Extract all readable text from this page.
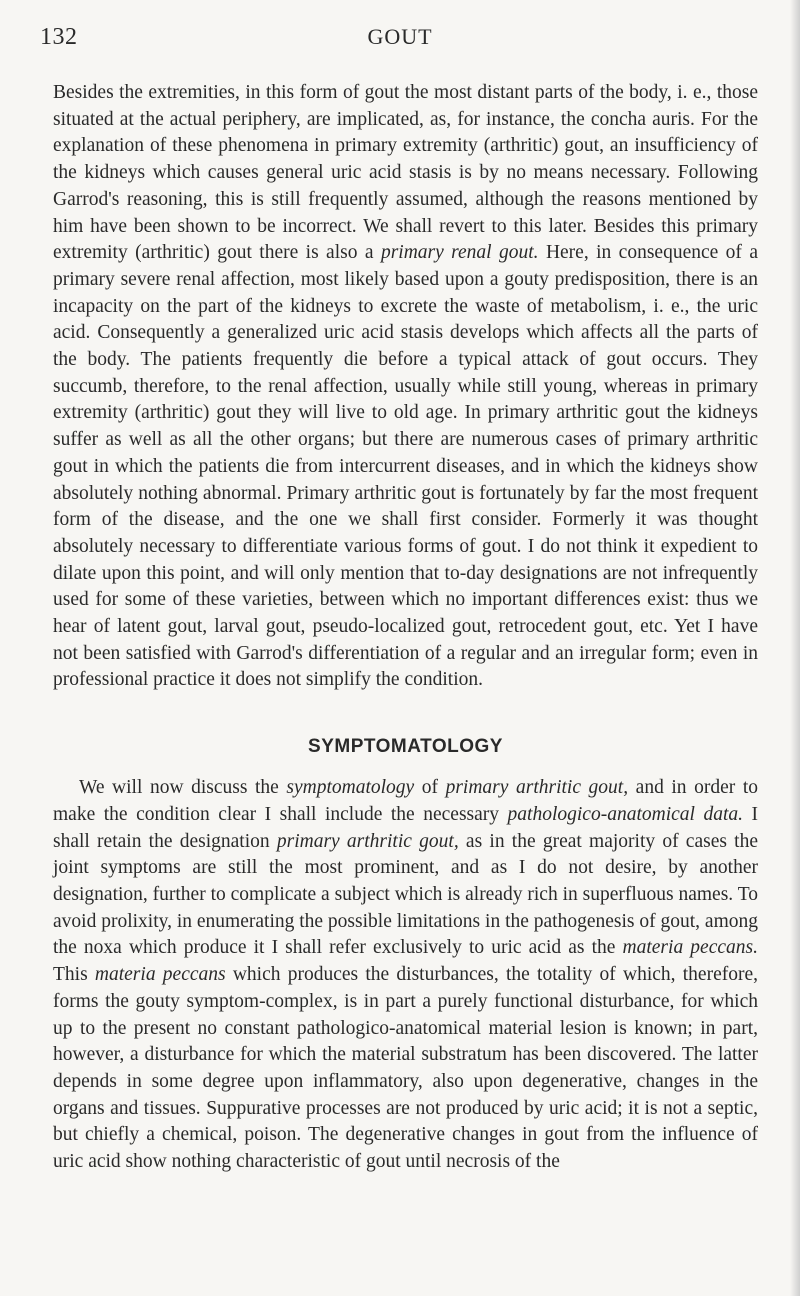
132	GOUT

Besides the extremities, in this form of gout the most distant parts of the body, i. e., those situated at the actual periphery, are implicated, as, for instance, the concha auris. For the explanation of these phenomena in primary extremity (arthritic) gout, an insufficiency of the kidneys which causes general uric acid stasis is by no means necessary. Following Garrod's reasoning, this is still frequently assumed, although the reasons mentioned by him have been shown to be incorrect. We shall revert to this later. Besides this primary extremity (arthritic) gout there is also a primary renal gout. Here, in consequence of a primary severe renal affection, most likely based upon a gouty predisposition, there is an incapacity on the part of the kidneys to excrete the waste of metabolism, i. e., the uric acid. Consequently a generalized uric acid stasis develops which affects all the parts of the body. The patients frequently die before a typical attack of gout occurs. They succumb, therefore, to the renal affection, usually while still young, whereas in primary extremity (arthritic) gout they will live to old age. In primary arthritic gout the kidneys suffer as well as all the other organs; but there are numerous cases of primary arthritic gout in which the patients die from intercurrent diseases, and in which the kidneys show absolutely nothing abnormal. Primary arthritic gout is fortunately by far the most frequent form of the disease, and the one we shall first consider. Formerly it was thought absolutely necessary to differentiate various forms of gout. I do not think it expedient to dilate upon this point, and will only mention that to-day designations are not infrequently used for some of these varieties, between which no important differences exist: thus we hear of latent gout, larval gout, pseudo-localized gout, retrocedent gout, etc. Yet I have not been satisfied with Garrod's differentiation of a regular and an irregular form; even in professional practice it does not simplify the condition.

SYMPTOMATOLOGY

We will now discuss the symptomatology of primary arthritic gout, and in order to make the condition clear I shall include the necessary pathologico-anatomical data. I shall retain the designation primary arthritic gout, as in the great majority of cases the joint symptoms are still the most prominent, and as I do not desire, by another designation, further to complicate a subject which is already rich in superfluous names. To avoid prolixity, in enumerating the possible limitations in the pathogenesis of gout, among the noxa which produce it I shall refer exclusively to uric acid as the materia peccans. This materia peccans which produces the disturbances, the totality of which, therefore, forms the gouty symptom-complex, is in part a purely functional disturbance, for which up to the present no constant pathologico-anatomical material lesion is known; in part, however, a disturbance for which the material substratum has been discovered. The latter depends in some degree upon inflammatory, also upon degenerative, changes in the organs and tissues. Suppurative processes are not produced by uric acid; it is not a septic, but chiefly a chemical, poison. The degenerative changes in gout from the influence of uric acid show nothing characteristic of gout until necrosis of the
